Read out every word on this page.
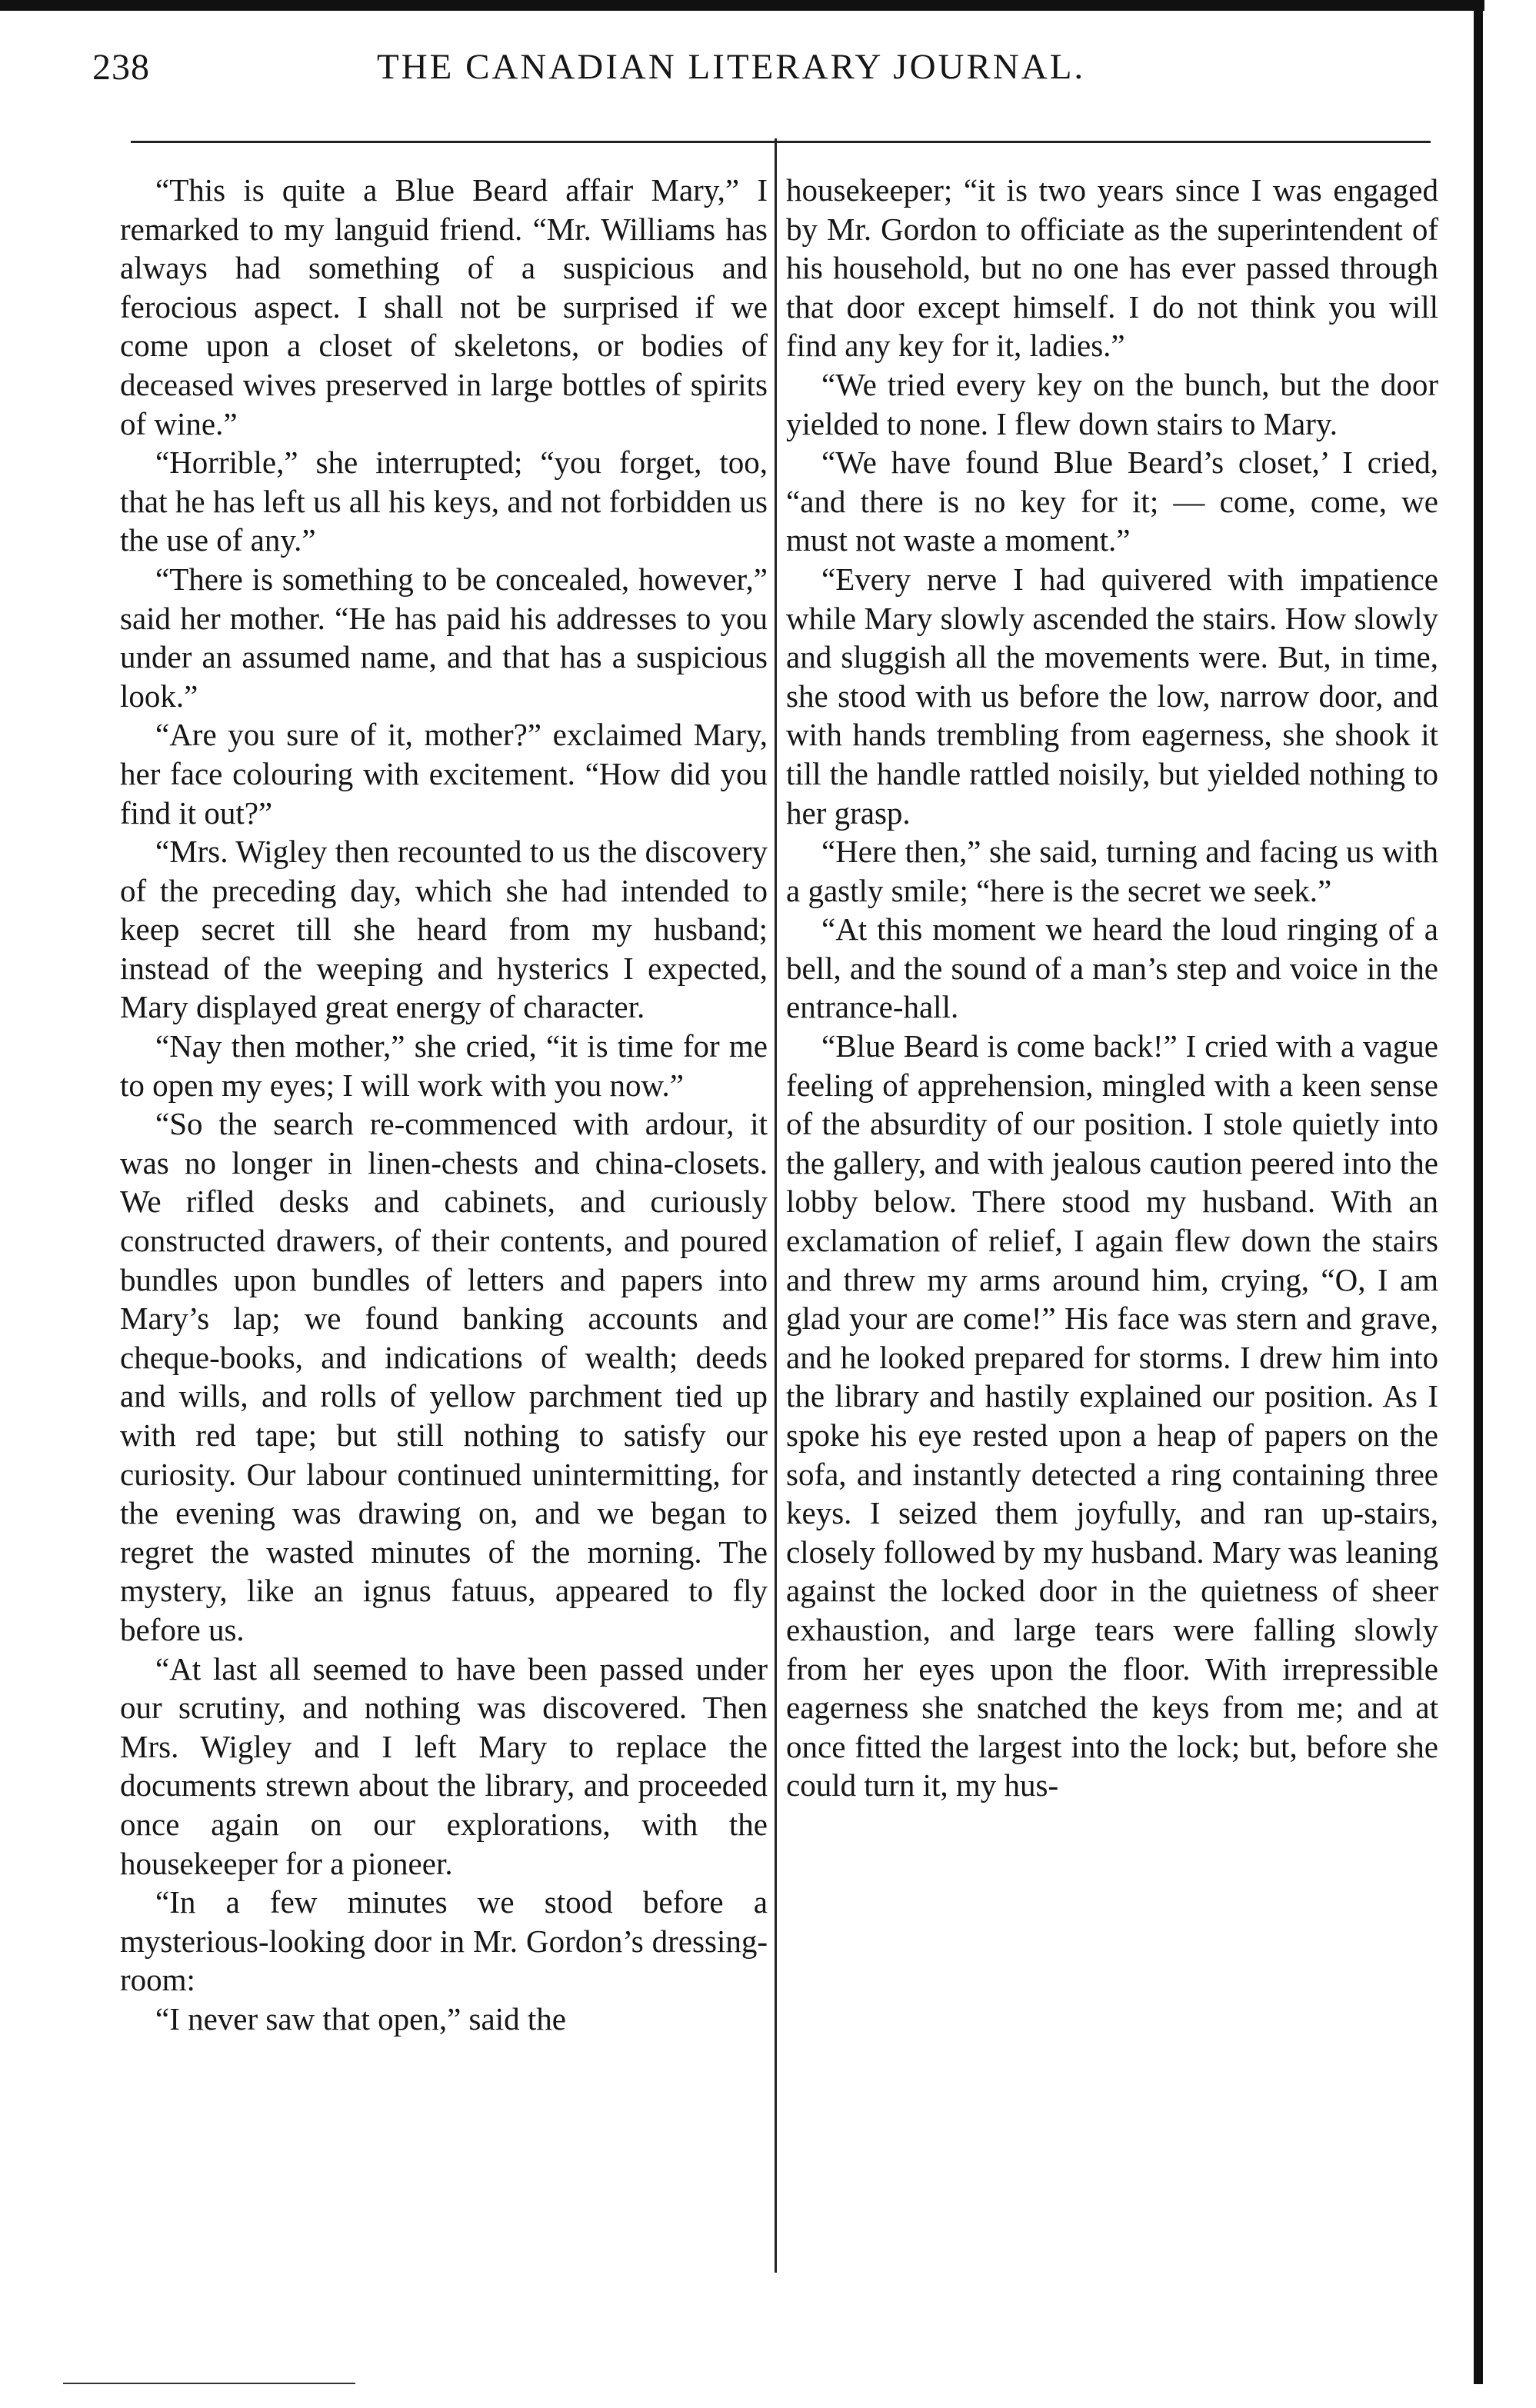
238	THE CANADIAN LITERARY JOURNAL.

“This is quite a Blue Beard affair Mary,” I remarked to my languid friend. “Mr. Williams has always had something of a suspicious and ferocious aspect. I shall not be surprised if we come upon a closet of skeletons, or bodies of deceased wives preserved in large bottles of spirits of wine.”

“Horrible,” she interrupted; “you forget, too, that he has left us all his keys, and not forbidden us the use of any.”

“There is something to be concealed, however,” said her mother. “He has paid his addresses to you under an assumed name, and that has a suspicious look.”

“Are you sure of it, mother?” exclaimed Mary, her face colouring with excitement. “How did you find it out?”

“Mrs. Wigley then recounted to us the discovery of the preceding day, which she had intended to keep secret till she heard from my husband; instead of the weeping and hysterics I expected, Mary displayed great energy of character.

“Nay then mother,” she cried, “it is time for me to open my eyes; I will work with you now.”

“So the search re-commenced with ardour, it was no longer in linen-chests and china-closets. We rifled desks and cabinets, and curiously constructed drawers, of their contents, and poured bundles upon bundles of letters and papers into Mary’s lap; we found banking accounts and cheque-books, and indications of wealth; deeds and wills, and rolls of yellow parchment tied up with red tape; but still nothing to satisfy our curiosity. Our labour continued unintermitting, for the evening was drawing on, and we began to regret the wasted minutes of the morning. The mystery, like an ignus fatuus, appeared to fly before us.

“At last all seemed to have been passed under our scrutiny, and nothing was discovered. Then Mrs. Wigley and I left Mary to replace the documents strewn about the library, and proceeded once again on our explorations, with the housekeeper for a pioneer.

“In a few minutes we stood before a mysterious-looking door in Mr. Gordon’s dressing-room:

“I never saw that open,” said the

housekeeper; “it is two years since I was engaged by Mr. Gordon to officiate as the superintendent of his household, but no one has ever passed through that door except himself. I do not think you will find any key for it, ladies.”

“We tried every key on the bunch, but the door yielded to none. I flew down stairs to Mary.

“We have found Blue Beard’s closet,’ I cried, “and there is no key for it; — come, come, we must not waste a moment.”

“Every nerve I had quivered with impatience while Mary slowly ascended the stairs. How slowly and sluggish all the movements were. But, in time, she stood with us before the low, narrow door, and with hands trembling from eagerness, she shook it till the handle rattled noisily, but yielded nothing to her grasp.

“Here then,” she said, turning and facing us with a gastly smile; “here is the secret we seek.”

“At this moment we heard the loud ringing of a bell, and the sound of a man’s step and voice in the entrance-hall.

“Blue Beard is come back!” I cried with a vague feeling of apprehension, mingled with a keen sense of the absurdity of our position. I stole quietly into the gallery, and with jealous caution peered into the lobby below. There stood my husband. With an exclamation of relief, I again flew down the stairs and threw my arms around him, crying, “O, I am glad your are come!” His face was stern and grave, and he looked prepared for storms. I drew him into the library and hastily explained our position. As I spoke his eye rested upon a heap of papers on the sofa, and instantly detected a ring containing three keys. I seized them joyfully, and ran up-stairs, closely followed by my husband. Mary was leaning against the locked door in the quietness of sheer exhaustion, and large tears were falling slowly from her eyes upon the floor. With irrepressible eagerness she snatched the keys from me; and at once fitted the largest into the lock; but, before she could turn it, my hus-
